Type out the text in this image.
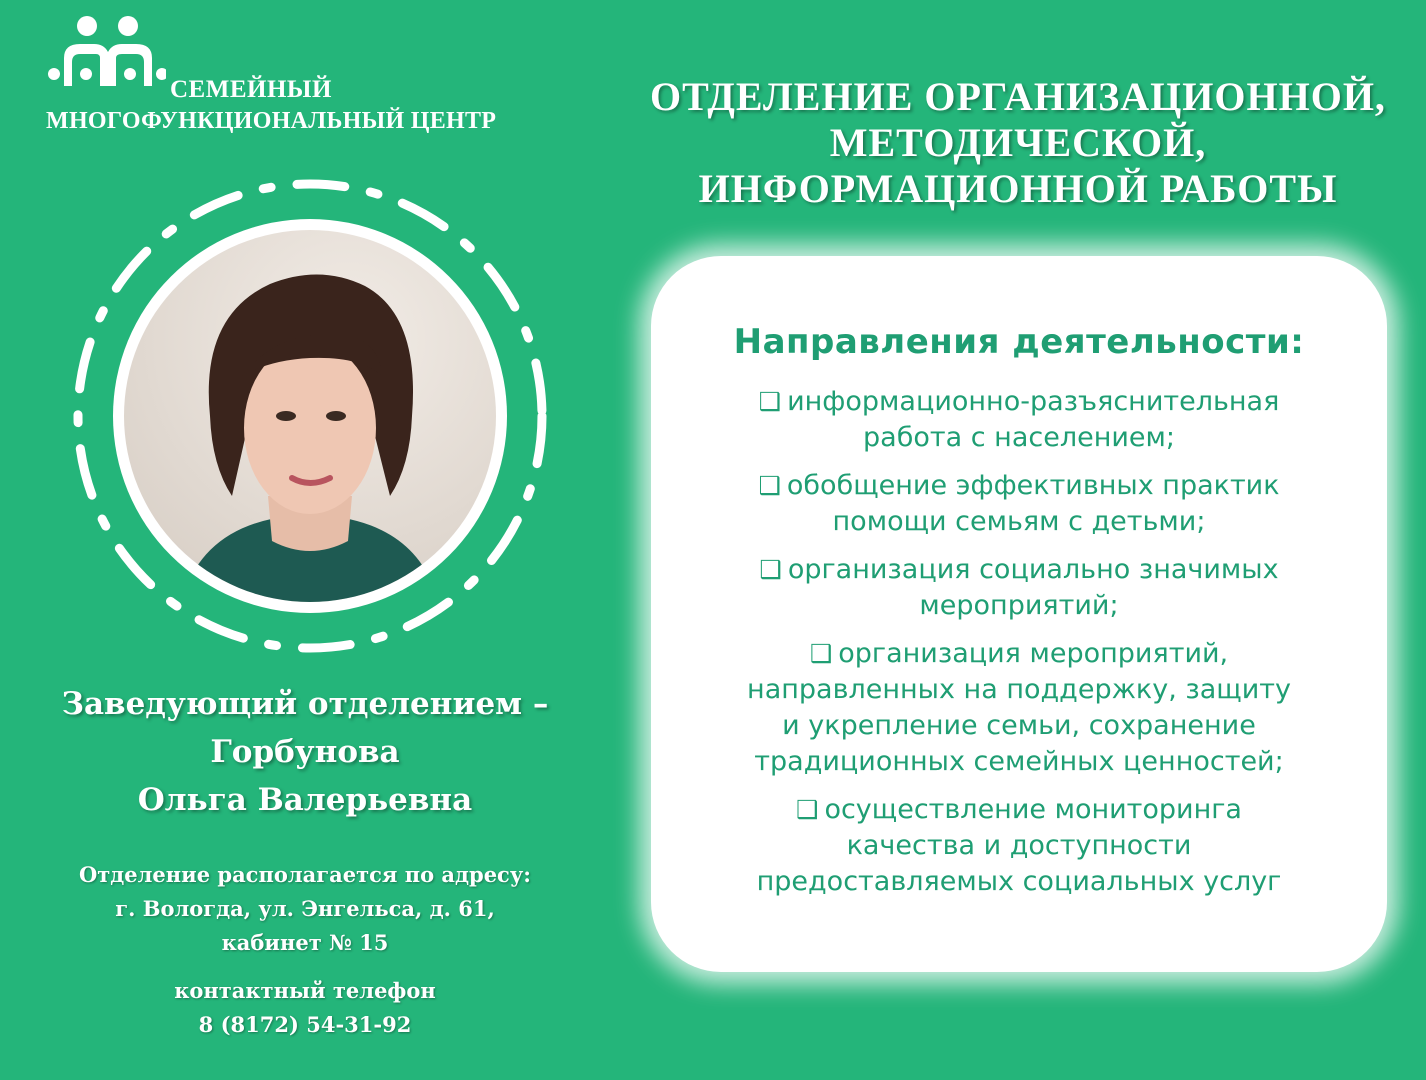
СЕМЕЙНЫЙ

МНОГОФУНКЦИОНАЛЬНЫЙ ЦЕНТР

ОТДЕЛЕНИЕ ОРГАНИЗАЦИОННОЙ,
МЕТОДИЧЕСКОЙ,
ИНФОРМАЦИОННОЙ РАБОТЫ

Заведующий отделением –
Горбунова
Ольга Валерьевна

Отделение располагается по адресу:
г. Вологда, ул. Энгельса, д. 61,
кабинет № 15

контактный телефон
8 (8172) 54-31-92

Направления деятельности:
❑ информационно-разъяснительная
работа с населением;
❑ обобщение эффективных практик
помощи семьям с детьми;
❑ организация социально значимых
мероприятий;
❑ организация мероприятий,
направленных на поддержку, защиту
и укрепление семьи, сохранение
традиционных семейных ценностей;
❑ осуществление мониторинга
качества и доступности
предоставляемых социальных услуг
